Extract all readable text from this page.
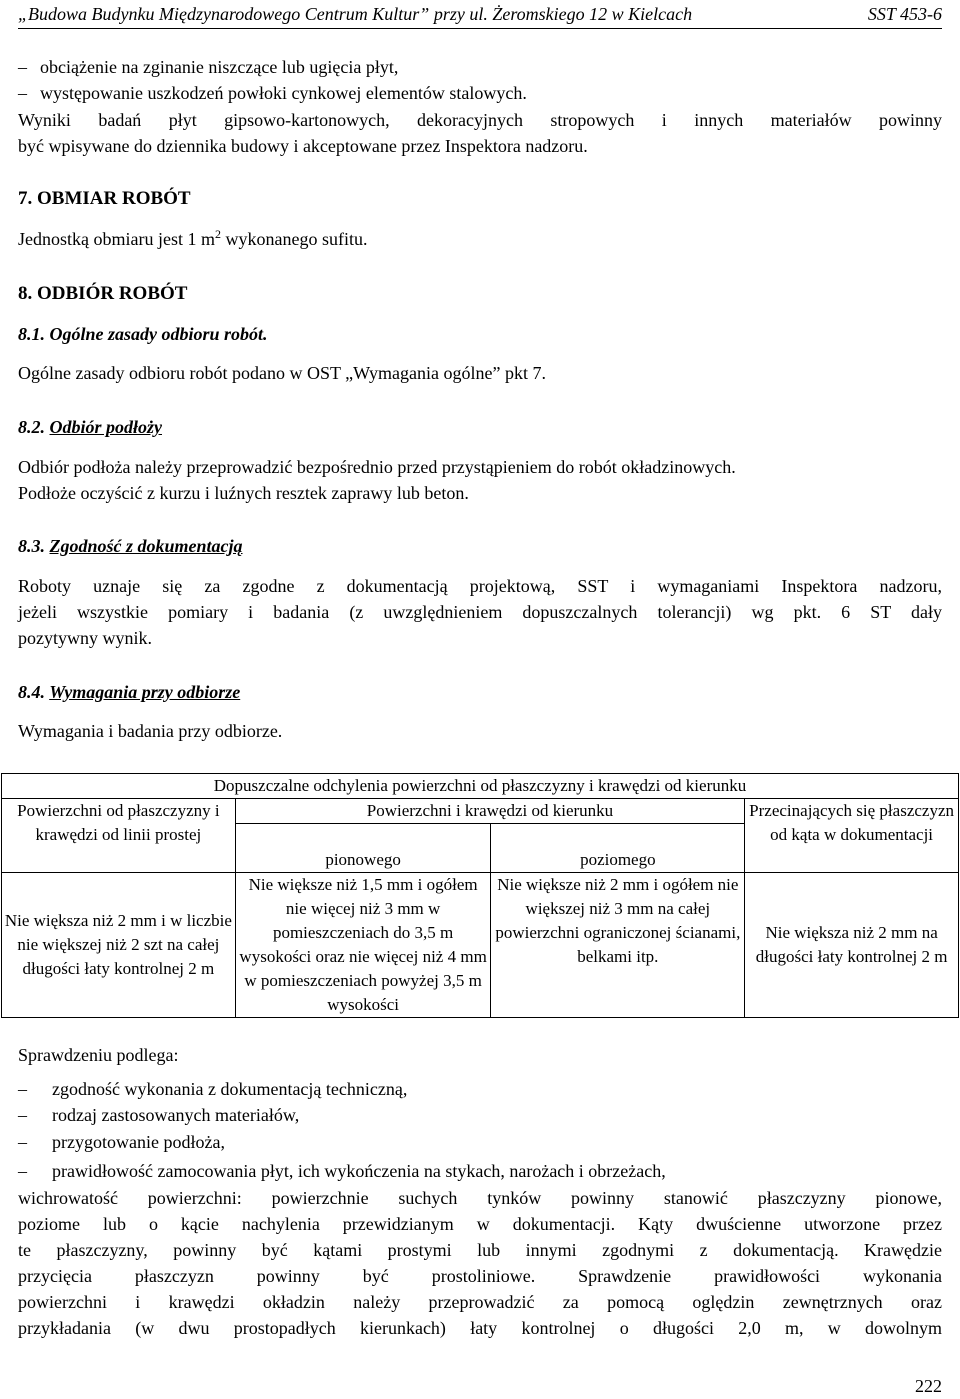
„Budowa Budynku Międzynarodowego Centrum Kultur” przy ul. Żeromskiego 12 w Kielcach	SST 453-6
– obciążenie na zginanie niszczące lub ugięcia płyt,
– występowanie uszkodzeń powłoki cynkowej elementów stalowych.
Wyniki badań płyt gipsowo-kartonowych, dekoracyjnych stropowych i innych materiałów powinny
być wpisywane do dziennika budowy i akceptowane przez Inspektora nadzoru.
7. OBMIAR ROBÓT
Jednostką obmiaru jest 1 $m^2$ wykonanego sufitu.
8. ODBIÓR ROBÓT
8.1. Ogólne zasady odbioru robót.
Ogólne zasady odbioru robót podano w OST „Wymagania ogólne” pkt 7.
8.2. Odbiór podłoży
Odbiór podłoża należy przeprowadzić bezpośrednio przed przystąpieniem do robót okładzinowych.
Podłoże oczyścić z kurzu i luźnych resztek zaprawy lub beton.
8.3. Zgodność z dokumentacją
Roboty uznaje się za zgodne z dokumentacją projektową, SST i wymaganiami Inspektora nadzoru,
jeżeli wszystkie pomiary i badania (z uwzględnieniem dopuszczalnych tolerancji) wg pkt. 6 ST dały
pozytywny wynik.
8.4. Wymagania przy odbiorze
Wymagania i badania przy odbiorze.
Dopuszczalne odchylenia powierzchni od płaszczyzny i krawędzi od kierunku			
Powierzchni od płaszczyzny i krawędzi od linii prostej	Powierzchni i krawędzi od kierunku		Przecinających się płaszczyzn od kąta w dokumentacji
	pionowego	poziomego	
Nie większa niż 2 mm i w liczbie nie większej niż 2 szt na całej długości łaty kontrolnej 2 m	Nie większe niż 1,5 mm i ogółem nie więcej niż 3 mm w pomieszczeniach do 3,5 m wysokości oraz nie więcej niż 4 mm w pomieszczeniach powyżej 3,5 m wysokości	Nie większe niż 2 mm i ogółem nie większej niż 3 mm na całej powierzchni ograniczonej ścianami, belkami itp.	Nie większa niż 2 mm na długości łaty kontrolnej 2 m
Sprawdzeniu podlega:
– zgodność wykonania z dokumentacją techniczną,
– rodzaj zastosowanych materiałów,
– przygotowanie podłoża,
– prawidłowość zamocowania płyt, ich wykończenia na stykach, narożach i obrzeżach,
wichrowatość powierzchni: powierzchnie suchych tynków powinny stanowić płaszczyzny pionowe,
poziome lub o kącie nachylenia przewidzianym w dokumentacji. Kąty dwuścienne utworzone przez
te płaszczyzny, powinny być kątami prostymi lub innymi zgodnymi z dokumentacją. Krawędzie
przycięcia płaszczyzn powinny być prostoliniowe. Sprawdzenie prawidłowości wykonania
powierzchni i krawędzi okładzin należy przeprowadzić za pomocą oględzin zewnętrznych oraz
przykładania (w dwu prostopadłych kierunkach) łaty kontrolnej o długości 2,0 m, w dowolnym
222
